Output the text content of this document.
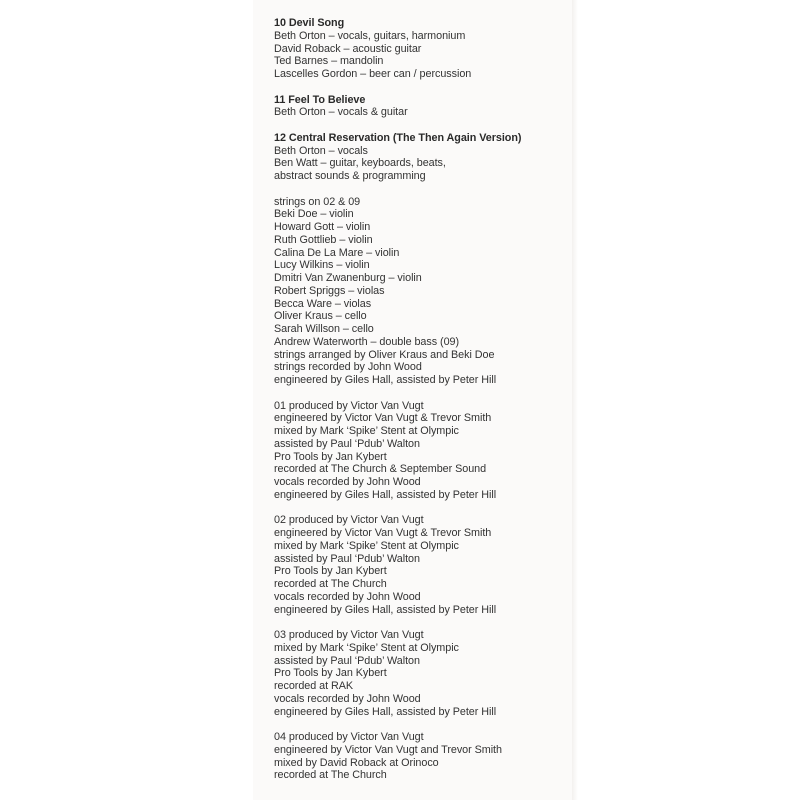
10 Devil Song
Beth Orton – vocals, guitars, harmonium
David Roback – acoustic guitar
Ted Barnes – mandolin
Lascelles Gordon – beer can / percussion
11 Feel To Believe
Beth Orton – vocals & guitar
12 Central Reservation (The Then Again Version)
Beth Orton – vocals
Ben Watt – guitar, keyboards, beats,
abstract sounds & programming
strings on 02 & 09
Beki Doe – violin
Howard Gott – violin
Ruth Gottlieb – violin
Calina De La Mare – violin
Lucy Wilkins – violin
Dmitri Van Zwanenburg – violin
Robert Spriggs – violas
Becca Ware – violas
Oliver Kraus – cello
Sarah Willson – cello
Andrew Waterworth – double bass (09)
strings arranged by Oliver Kraus and Beki Doe
strings recorded by John Wood
engineered by Giles Hall, assisted by Peter Hill
01 produced by Victor Van Vugt
engineered by Victor Van Vugt & Trevor Smith
mixed by Mark ‘Spike’ Stent at Olympic
assisted by Paul ‘Pdub’ Walton
Pro Tools by Jan Kybert
recorded at The Church & September Sound
vocals recorded by John Wood
engineered by Giles Hall, assisted by Peter Hill
02 produced by Victor Van Vugt
engineered by Victor Van Vugt & Trevor Smith
mixed by Mark ‘Spike’ Stent at Olympic
assisted by Paul ‘Pdub’ Walton
Pro Tools by Jan Kybert
recorded at The Church
vocals recorded by John Wood
engineered by Giles Hall, assisted by Peter Hill
03 produced by Victor Van Vugt
mixed by Mark ‘Spike’ Stent at Olympic
assisted by Paul ‘Pdub’ Walton
Pro Tools by Jan Kybert
recorded at RAK
vocals recorded by John Wood
engineered by Giles Hall, assisted by Peter Hill
04 produced by Victor Van Vugt
engineered by Victor Van Vugt and Trevor Smith
mixed by David Roback at Orinoco
recorded at The Church
